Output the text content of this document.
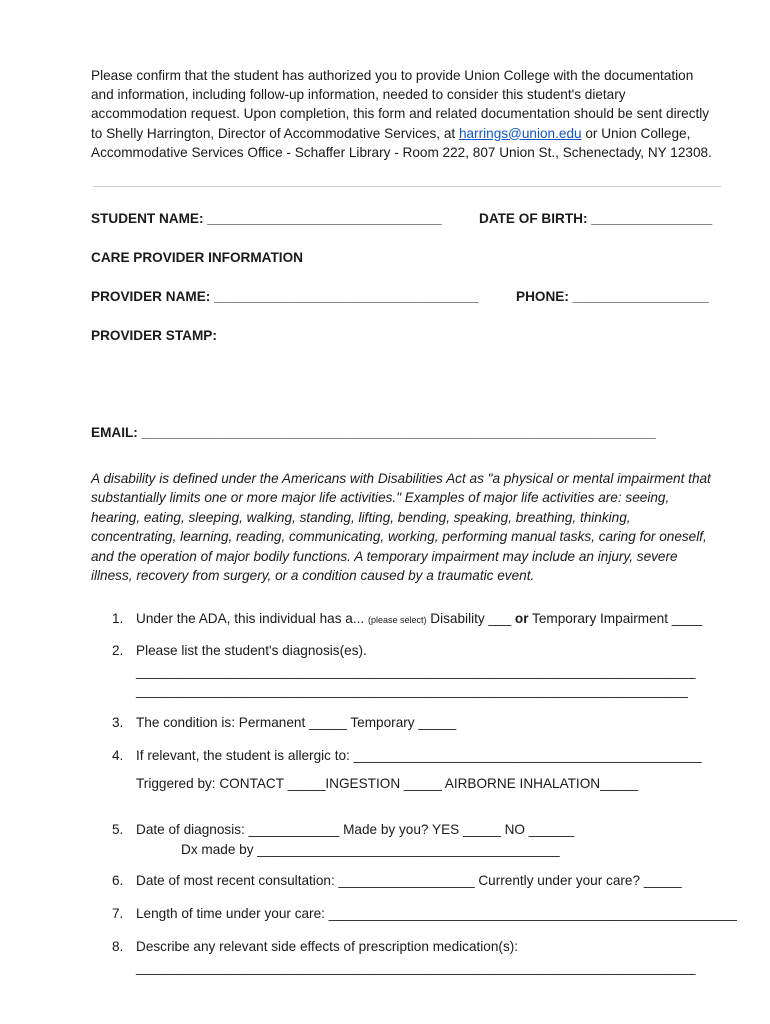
Please confirm that the student has authorized you to provide Union College with the documentation

and information, including follow-up information, needed to consider this student's dietary

accommodation request. Upon completion, this form and related documentation should be sent directly

to Shelly Harrington, Director of Accommodative Services, at harrings@union.edu or Union College,

Accommodative Services Office - Schaffer Library - Room 222, 807 Union St., Schenectady, NY 12308.

STUDENT NAME: _______________________________	DATE OF BIRTH: ________________
CARE PROVIDER INFORMATION
PROVIDER NAME: ___________________________________	PHONE: __________________
PROVIDER STAMP:
EMAIL: ____________________________________________________________________

A disability is defined under the Americans with Disabilities Act as "a physical or mental impairment that

substantially limits one or more major life activities." Examples of major life activities are: seeing,

hearing, eating, sleeping, walking, standing, lifting, bending, speaking, breathing, thinking,

concentrating, learning, reading, communicating, working, performing manual tasks, caring for oneself,

and the operation of major bodily functions. A temporary impairment may include an injury, severe

illness, recovery from surgery, or a condition caused by a traumatic event.

1. Under the ADA, this individual has a... (please select) Disability ___ or Temporary Impairment ____
2. Please list the student's diagnosis(es).
__________________________________________________________________________
_________________________________________________________________________
3. The condition is: Permanent _____ Temporary _____
4. If relevant, the student is allergic to: ______________________________________________
Triggered by: CONTACT _____INGESTION _____ AIRBORNE INHALATION_____
5. Date of diagnosis: ____________ Made by you? YES _____ NO ______
Dx made by ________________________________________
6. Date of most recent consultation: __________________ Currently under your care? _____
7. Length of time under your care: ______________________________________________________
8. Describe any relevant side effects of prescription medication(s):
__________________________________________________________________________
